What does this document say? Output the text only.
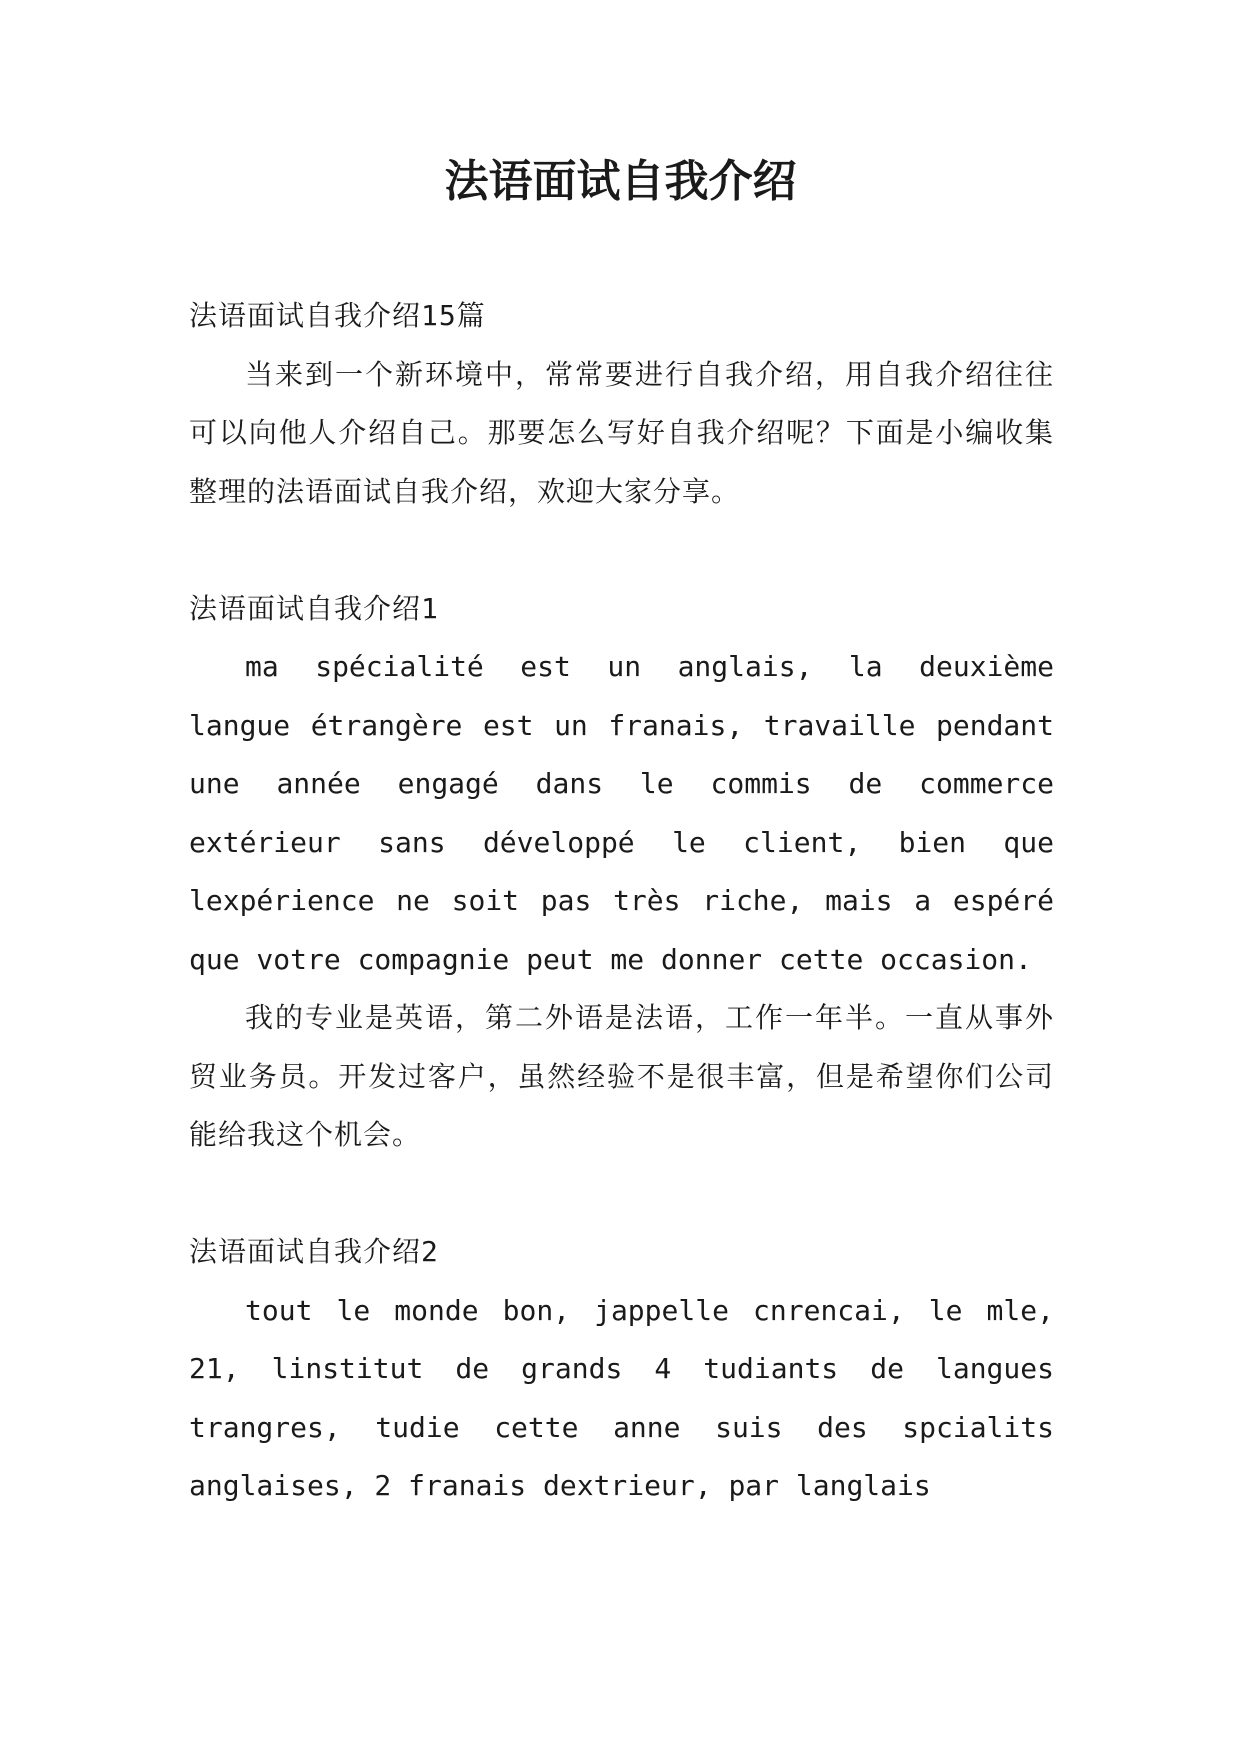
法语面试自我介绍

法语面试自我介绍15篇

当来到一个新环境中，常常要进行自我介绍，用自我介绍往往可以向他人介绍自己。那要怎么写好自我介绍呢？下面是小编收集整理的法语面试自我介绍，欢迎大家分享。

法语面试自我介绍1

ma spécialité est un anglais, la deuxième langue étrangère est un franais, travaille pendant une année engagé dans le commis de commerce extérieur sans développé le client, bien que lexpérience ne soit pas très riche, mais a espéré que votre compagnie peut me donner cette occasion.

我的专业是英语，第二外语是法语，工作一年半。一直从事外贸业务员。开发过客户，虽然经验不是很丰富，但是希望你们公司能给我这个机会。

法语面试自我介绍2

tout le monde bon, jappelle cnrencai, le mle, 21, linstitut de grands 4 tudiants de langues trangres, tudie cette anne suis des spcialits anglaises, 2 franais dextrieur, par langlais
